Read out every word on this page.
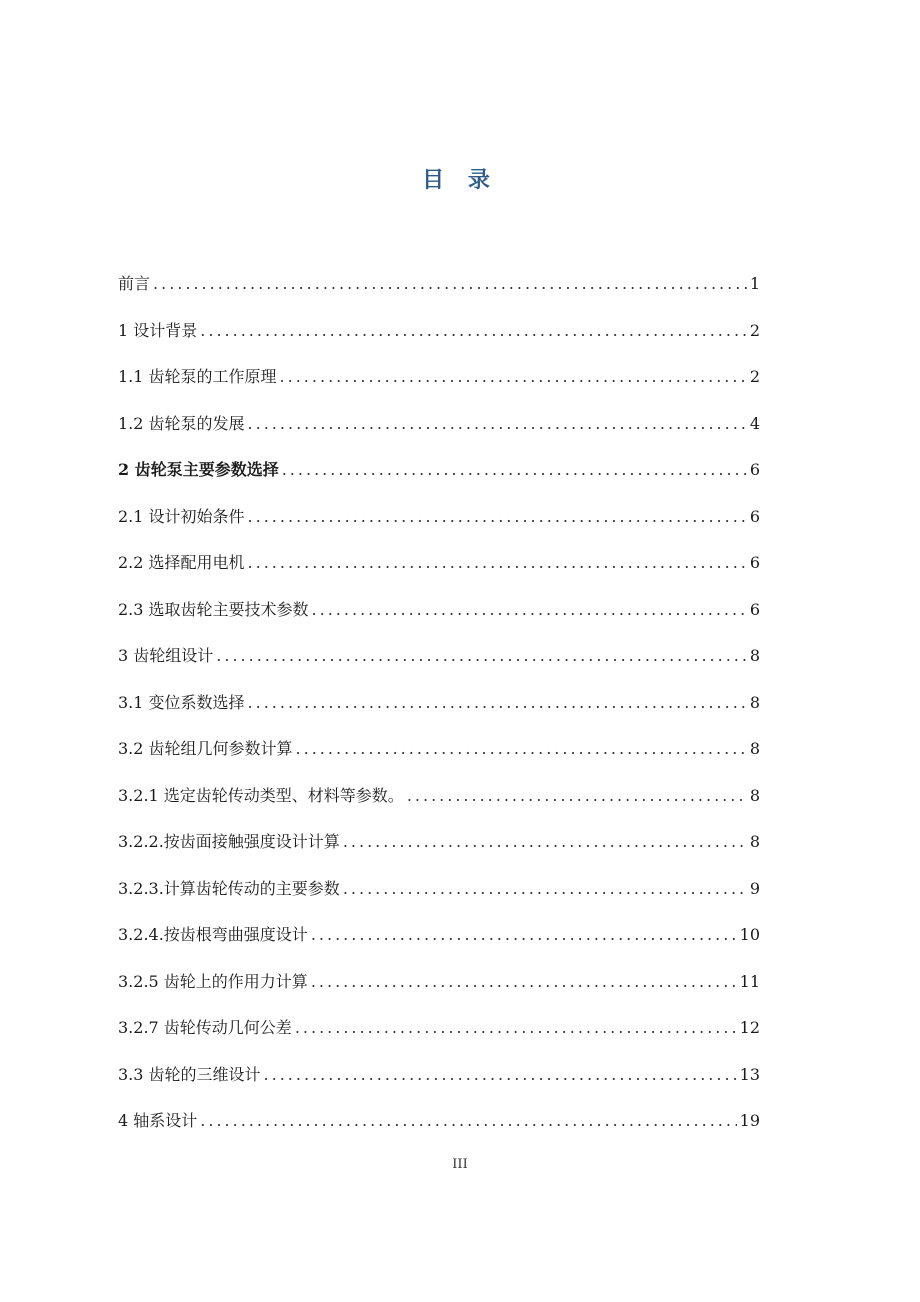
目 录
前言 .....	1
1 设计背景 .....	2
1.1 齿轮泵的工作原理 .....	2
1.2 齿轮泵的发展 .....	4
2 齿轮泵主要参数选择 .....	6
2.1 设计初始条件 .....	6
2.2 选择配用电机 .....	6
2.3 选取齿轮主要技术参数 .....	6
3 齿轮组设计 .....	8
3.1 变位系数选择 .....	8
3.2 齿轮组几何参数计算 .....	8
3.2.1 选定齿轮传动类型、材料等参数。 .....	8
3.2.2.按齿面接触强度设计计算 .....	8
3.2.3.计算齿轮传动的主要参数 .....	9
3.2.4.按齿根弯曲强度设计 .....	10
3.2.5 齿轮上的作用力计算 .....	11
3.2.7 齿轮传动几何公差 .....	12
3.3 齿轮的三维设计 .....	13
4 轴系设计 .....	19
III
